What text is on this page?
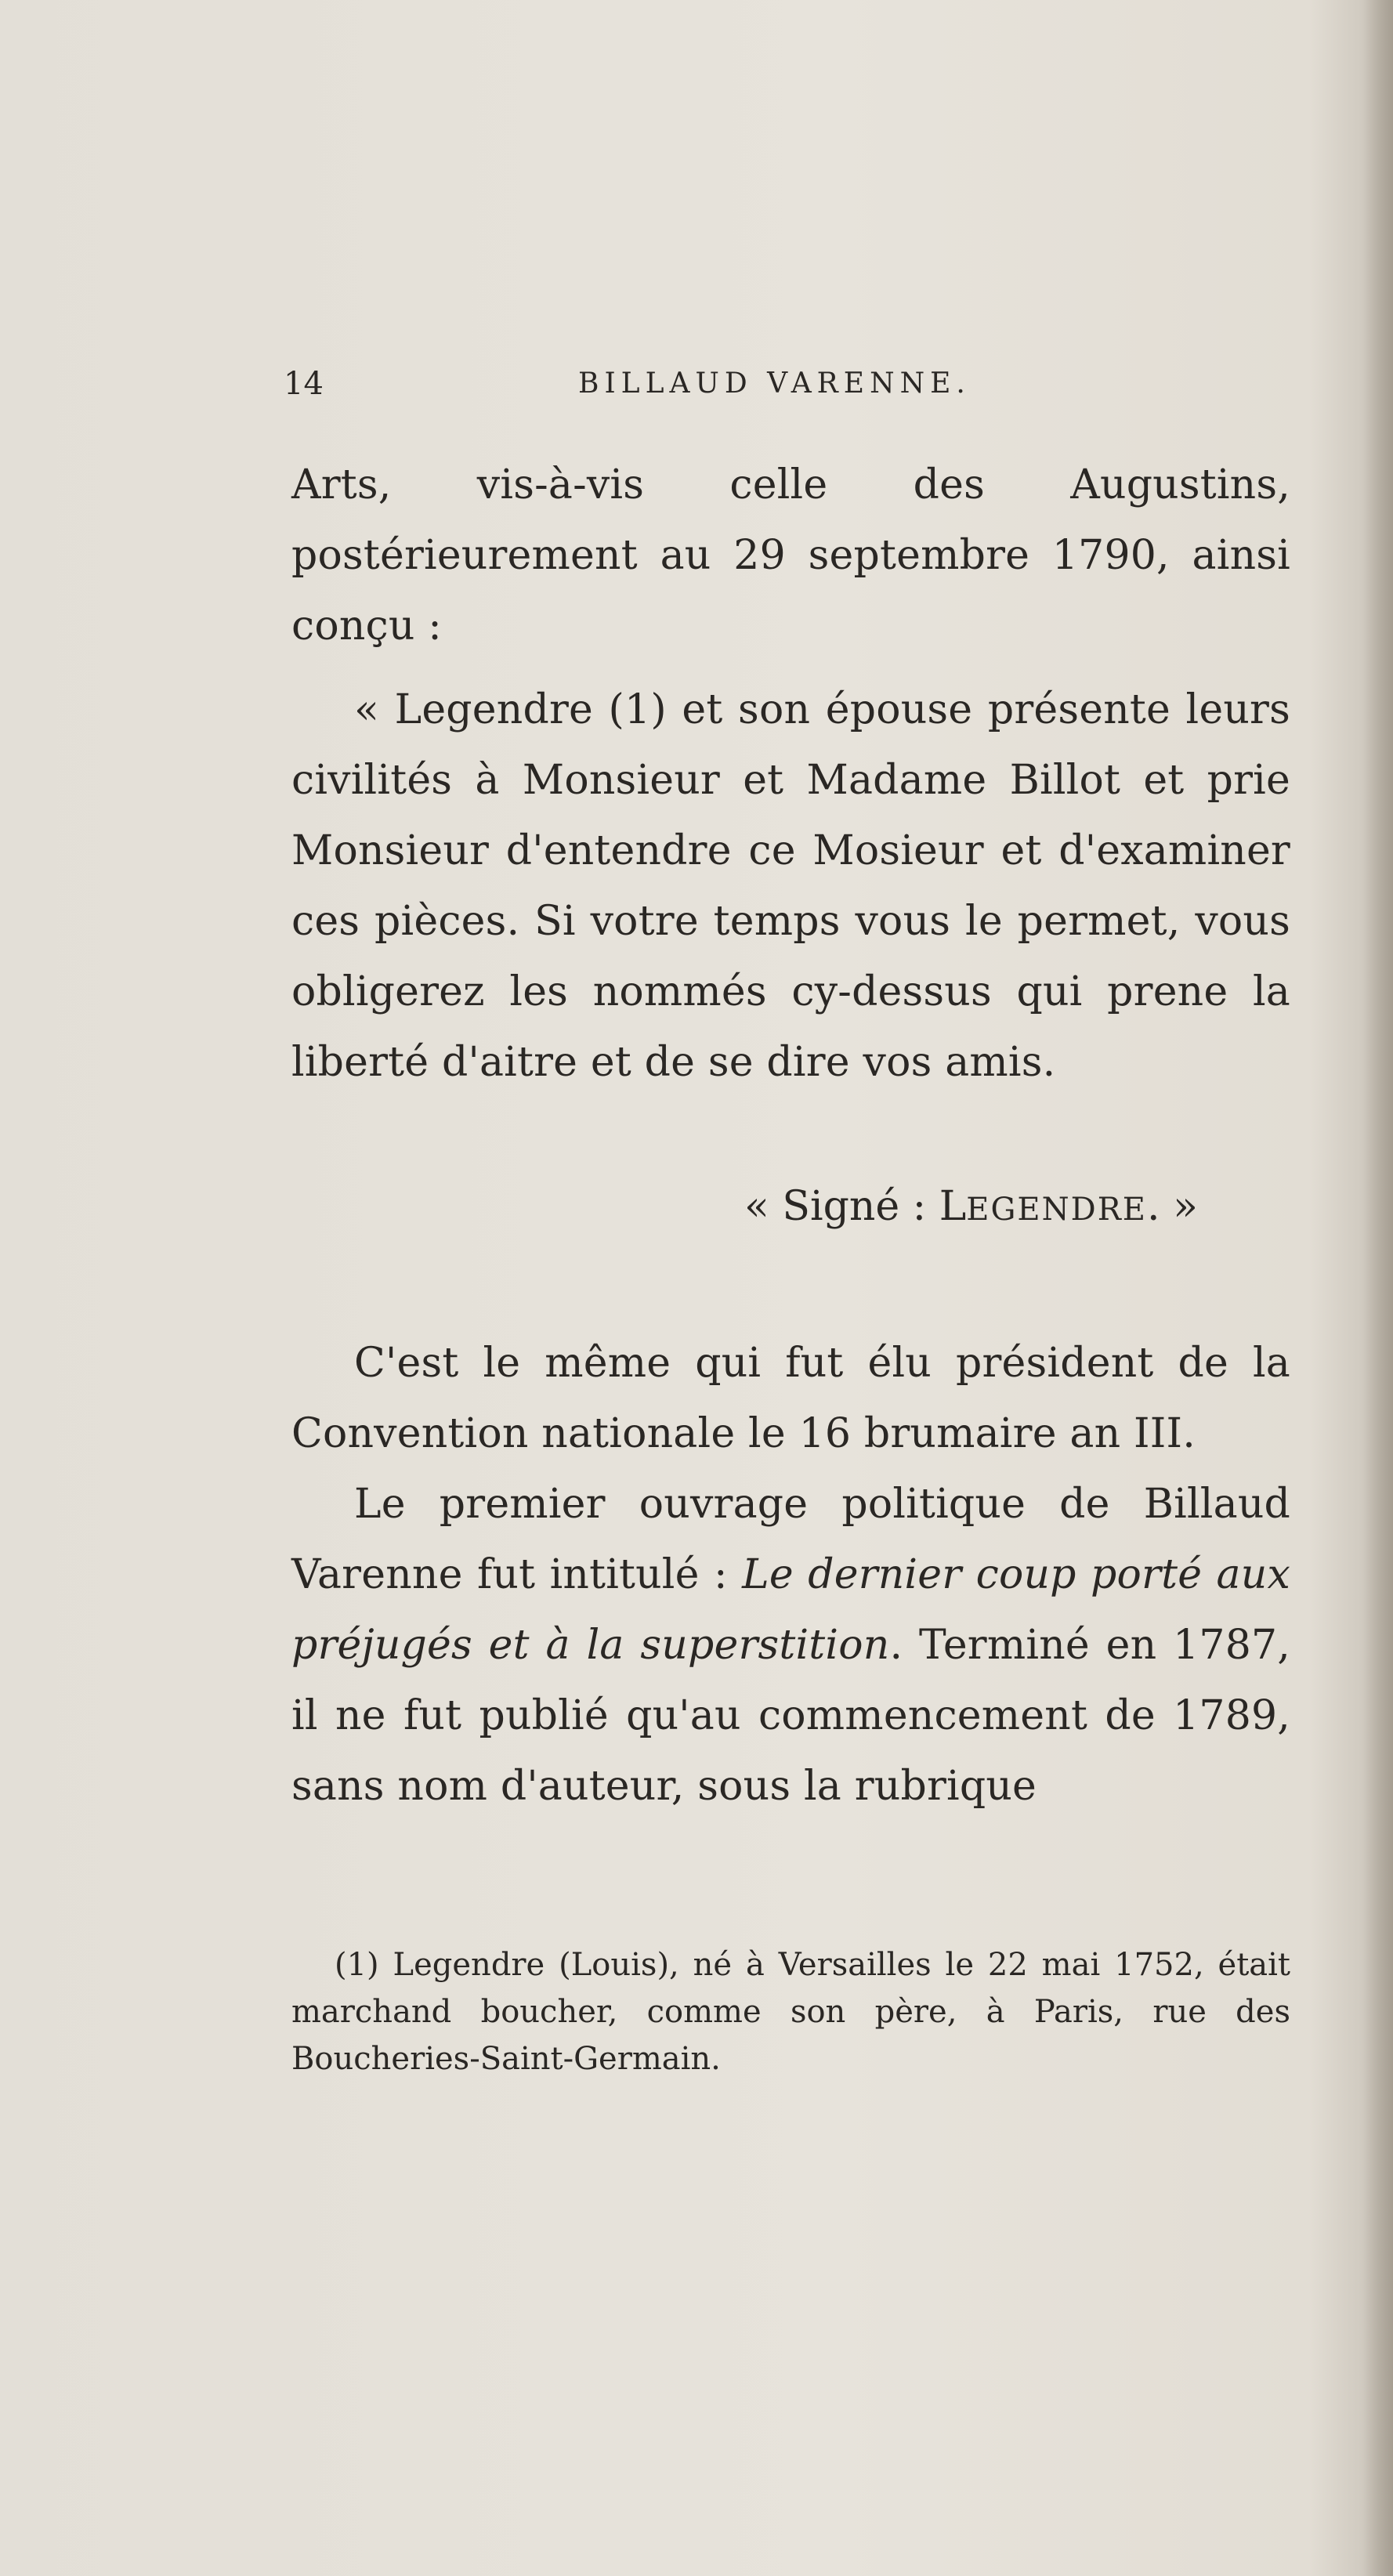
14	BILLAUD VARENNE.

Arts, vis-à-vis celle des Augustins, postérieurement au 29 septembre 1790, ainsi conçu :

« Legendre (1) et son épouse présente leurs civilités à Monsieur et Madame Billot et prie Monsieur d'entendre ce Mosieur et d'examiner ces pièces. Si votre temps vous le permet, vous obligerez les nommés cy-dessus qui prene la liberté d'aitre et de se dire vos amis.

« Signé : LEGENDRE. »

C'est le même qui fut élu président de la Convention nationale le 16 brumaire an III.

Le premier ouvrage politique de Billaud Varenne fut intitulé : Le dernier coup porté aux préjugés et à la superstition. Terminé en 1787, il ne fut publié qu'au commencement de 1789, sans nom d'auteur, sous la rubrique

(1) Legendre (Louis), né à Versailles le 22 mai 1752, était marchand boucher, comme son père, à Paris, rue des Boucheries-Saint-Germain.
